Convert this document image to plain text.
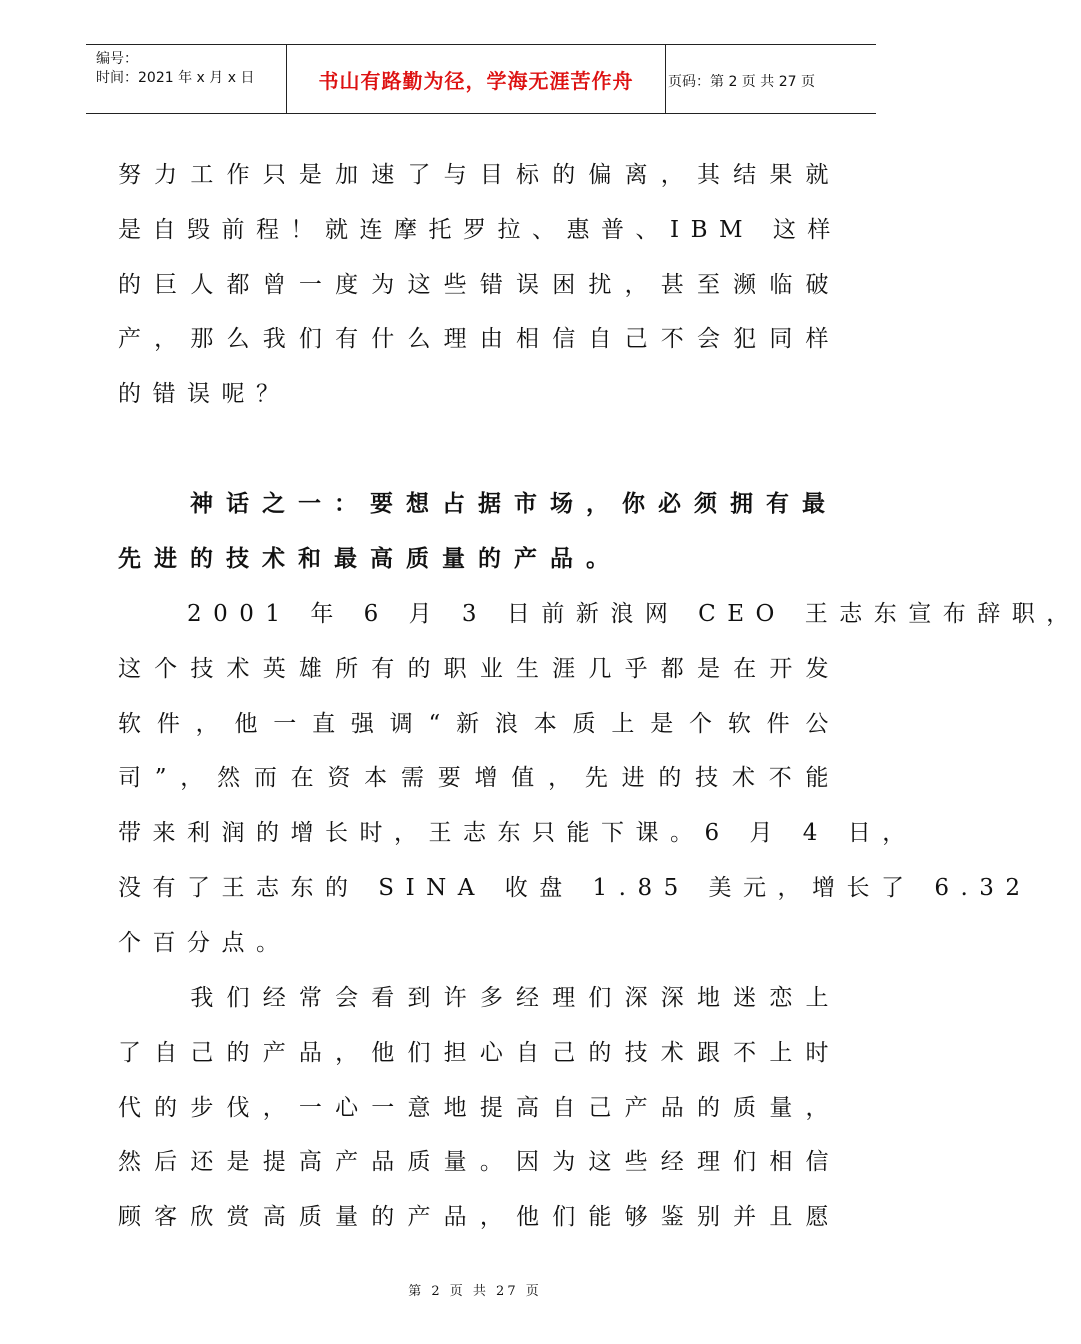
编号：
时间：2021 年 x 月 x 日	书山有路勤为径，学海无涯苦作舟 页码：第 2 页 共 27 页
努力工作只是加速了与目标的偏离，其结果就
是自毁前程！就连摩托罗拉、惠普、IBM 这样
的巨人都曾一度为这些错误困扰，甚至濒临破
产，那么我们有什么理由相信自己不会犯同样
的错误呢？
　　神话之一：要想占据市场，你必须拥有最
先进的技术和最高质量的产品。
　　2001 年 6 月 3 日前新浪网 CEO 王志东宣布辞职，
这个技术英雄所有的职业生涯几乎都是在开发
软件，他一直强调“新浪本质上是个软件公
司”，然而在资本需要增值，先进的技术不能
带来利润的增长时，王志东只能下课。6 月 4 日，
没有了王志东的 SINA 收盘 1.85 美元，增长了 6.32
个百分点。
　　我们经常会看到许多经理们深深地迷恋上
了自己的产品，他们担心自己的技术跟不上时
代的步伐，一心一意地提高自己产品的质量，
然后还是提高产品质量。因为这些经理们相信
顾客欣赏高质量的产品，他们能够鉴别并且愿
第 2 页 共 27 页
